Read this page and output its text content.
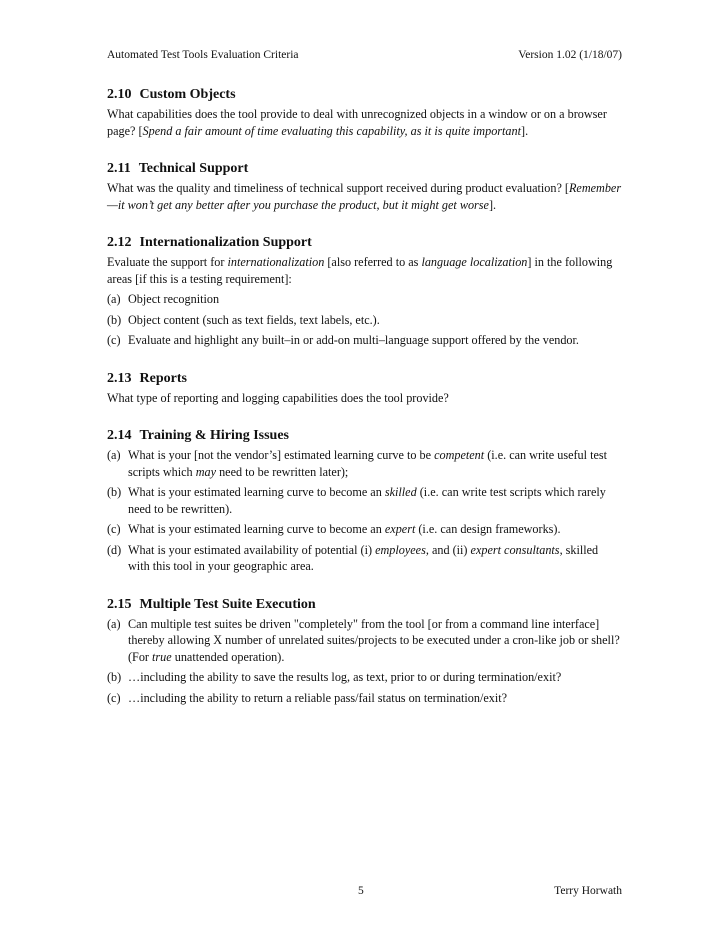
Automated Test Tools Evaluation Criteria	Version 1.02 (1/18/07)
2.10 Custom Objects

What capabilities does the tool provide to deal with unrecognized objects in a window or on a browser page? [Spend a fair amount of time evaluating this capability, as it is quite important].

2.11 Technical Support

What was the quality and timeliness of technical support received during product evaluation? [Remember—it won’t get any better after you purchase the product, but it might get worse].

2.12 Internationalization Support

Evaluate the support for internationalization [also referred to as language localization] in the following areas [if this is a testing requirement]:

(a) Object recognition
(b) Object content (such as text fields, text labels, etc.).
(c) Evaluate and highlight any built–in or add-on multi–language support offered by the vendor.
2.13 Reports

What type of reporting and logging capabilities does the tool provide?

2.14 Training & Hiring Issues
(a) What is your [not the vendor’s] estimated learning curve to be competent (i.e. can write useful test scripts which may need to be rewritten later);
(b) What is your estimated learning curve to become an skilled (i.e. can write test scripts which rarely need to be rewritten).
(c) What is your estimated learning curve to become an expert (i.e. can design frameworks).
(d) What is your estimated availability of potential (i) employees, and (ii) expert consultants, skilled with this tool in your geographic area.
2.15 Multiple Test Suite Execution
(a) Can multiple test suites be driven "completely" from the tool [or from a command line interface] thereby allowing X number of unrelated suites/projects to be executed under a cron-like job or shell? (For true unattended operation).
(b) …including the ability to save the results log, as text, prior to or during termination/exit?
(c) …including the ability to return a reliable pass/fail status on termination/exit?
5	Terry Horwath
